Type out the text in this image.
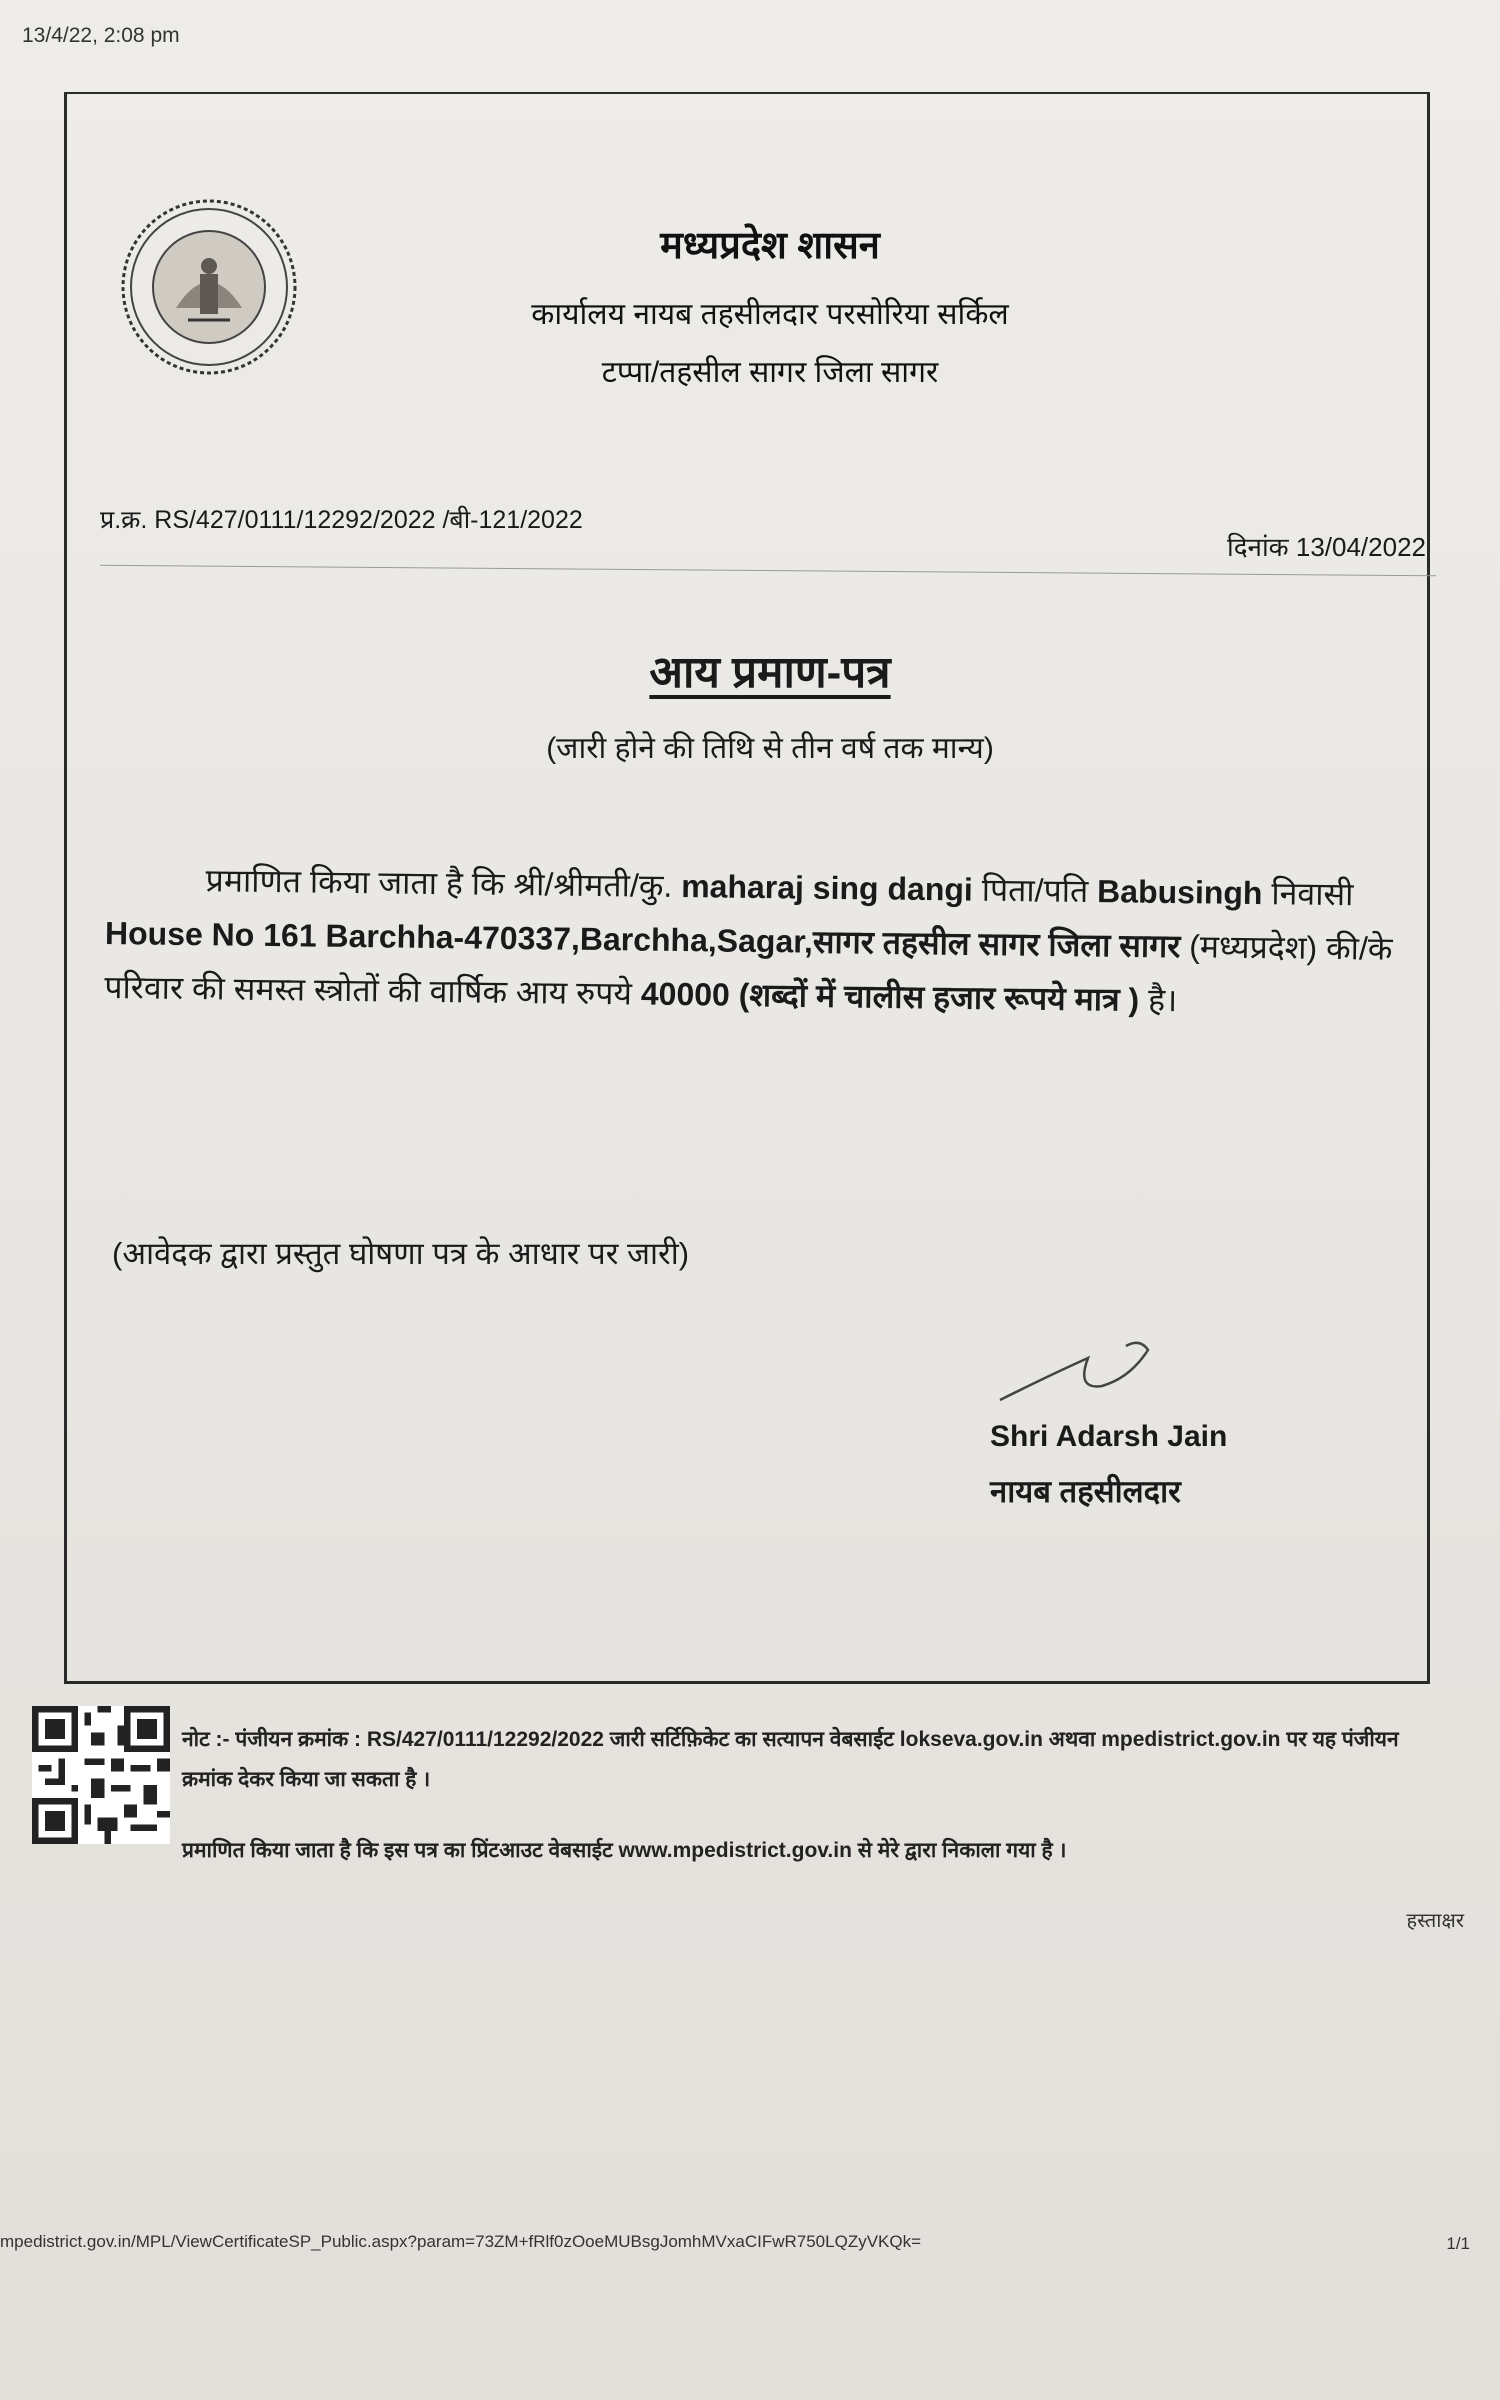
13/4/22, 2:08 pm
मध्यप्रदेश शासन
कार्यालय नायब तहसीलदार परसोरिया सर्किल
टप्पा/तहसील सागर जिला सागर
प्र.क्र. RS/427/0111/12292/2022 /बी-121/2022
दिनांक 13/04/2022
आय प्रमाण-पत्र
(जारी होने की तिथि से तीन वर्ष तक मान्य)
प्रमाणित किया जाता है कि श्री/श्रीमती/कु. maharaj sing dangi पिता/पति Babusingh निवासी House No 161 Barchha-470337,Barchha,Sagar,सागर तहसील सागर जिला सागर (मध्यप्रदेश) की/के परिवार की समस्त स्त्रोतों की वार्षिक आय रुपये 40000 (शब्दों में चालीस हजार रूपये मात्र ) है।
(आवेदक द्वारा प्रस्तुत घोषणा पत्र के आधार पर जारी)
Shri Adarsh Jain
नायब तहसीलदार
नोट :- पंजीयन क्रमांक : RS/427/0111/12292/2022 जारी सर्टिफ़िकेट का सत्यापन वेबसाईट lokseva.gov.in अथवा mpedistrict.gov.in पर यह पंजीयन क्रमांक देकर किया जा सकता है ।
प्रमाणित किया जाता है कि इस पत्र का प्रिंटआउट वेबसाईट www.mpedistrict.gov.in से मेरे द्वारा निकाला गया है ।
हस्ताक्षर
mpedistrict.gov.in/MPL/ViewCertificateSP_Public.aspx?param=73ZM+fRlf0zOoeMUBsgJomhMVxaCIFwR750LQZyVKQk=	1/1
